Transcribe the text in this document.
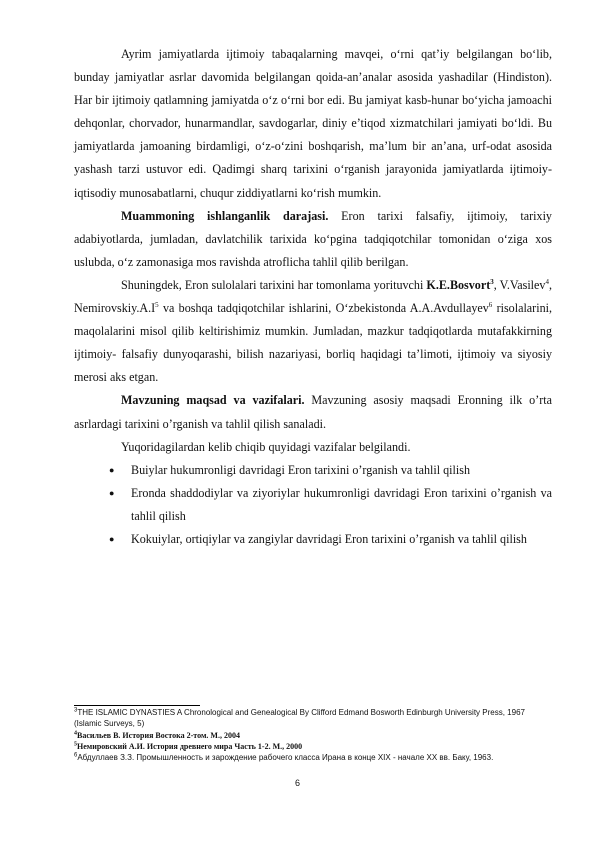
Ayrim jamiyatlarda ijtimoiy tabaqalarning mavqei, o‘rni qat’iy belgilangan bo‘lib, bunday jamiyatlar asrlar davomida belgilangan qoida-an’analar asosida yashadilar (Hindiston). Har bir ijtimoiy qatlamning jamiyatda o‘z o‘rni bor edi. Bu jamiyat kasb-hunar bo‘yicha jamoachi dehqonlar, chorvador, hunarmandlar, savdogarlar, diniy e’tiqod xizmatchilari jamiyati bo‘ldi. Bu jamiyatlarda jamoaning birdamligi, o‘z-o‘zini boshqarish, ma’lum bir an’ana, urf-odat asosida yashash tarzi ustuvor edi. Qadimgi sharq tarixini o‘rganish jarayonida jamiyatlarda ijtimoiy-iqtisodiy munosabatlarni, chuqur ziddiyatlarni ko‘rish mumkin.

Muammoning ishlanganlik darajasi. Eron tarixi falsafiy, ijtimoiy, tarixiy adabiyotlarda, jumladan, davlatchilik tarixida ko‘pgina tadqiqotchilar tomonidan o‘ziga xos uslubda, o‘z zamonasiga mos ravishda atroflicha tahlil qilib berilgan.

Shuningdek, Eron sulolalari tarixini har tomonlama yorituvchi K.E.Bosvort$^3$, V.Vasilev$^4$, Nemirovskiy.A.I$^5$ va boshqa tadqiqotchilar ishlarini, O‘zbekistonda A.A.Avdullayev$^6$ risolalarini, maqolalarini misol qilib keltirishimiz mumkin. Jumladan, mazkur tadqiqotlarda mutafakkirning ijtimoiy- falsafiy dunyoqarashi, bilish nazariyasi, borliq haqidagi ta’limoti, ijtimoiy va siyosiy merosi aks etgan.

Mavzuning maqsad va vazifalari. Mavzuning asosiy maqsadi Eronning ilk o’rta asrlardagi tarixini o’rganish va tahlil qilish sanaladi.

Yuqoridagilardan kelib chiqib quyidagi vazifalar belgilandi.

● Buiylar hukumronligi davridagi Eron tarixini o’rganish va tahlil qilish
● Eronda shaddodiylar va ziyoriylar hukumronligi davridagi Eron tarixini o’rganish va tahlil qilish
● Kokuiylar, ortiqiylar va zangiylar davridagi Eron tarixini o’rganish va tahlil qilish
$^3$THE ISLAMIC DYNASTIES A Chronological and Genealogical By Clifford Edmand Bosworth Edinburgh University Press, 1967 (Islamic Surveys, 5)
$^4$Васильев В. История Востока 2-том. М., 2004
$^5$Немировский А.И. История древнего мира Часть 1-2. М., 2000
$^6$Абдуллаев З.З. Промышленность и зарождение рабочего класса Ирана в конце XIX - начале XX вв. Баку, 1963.
6
